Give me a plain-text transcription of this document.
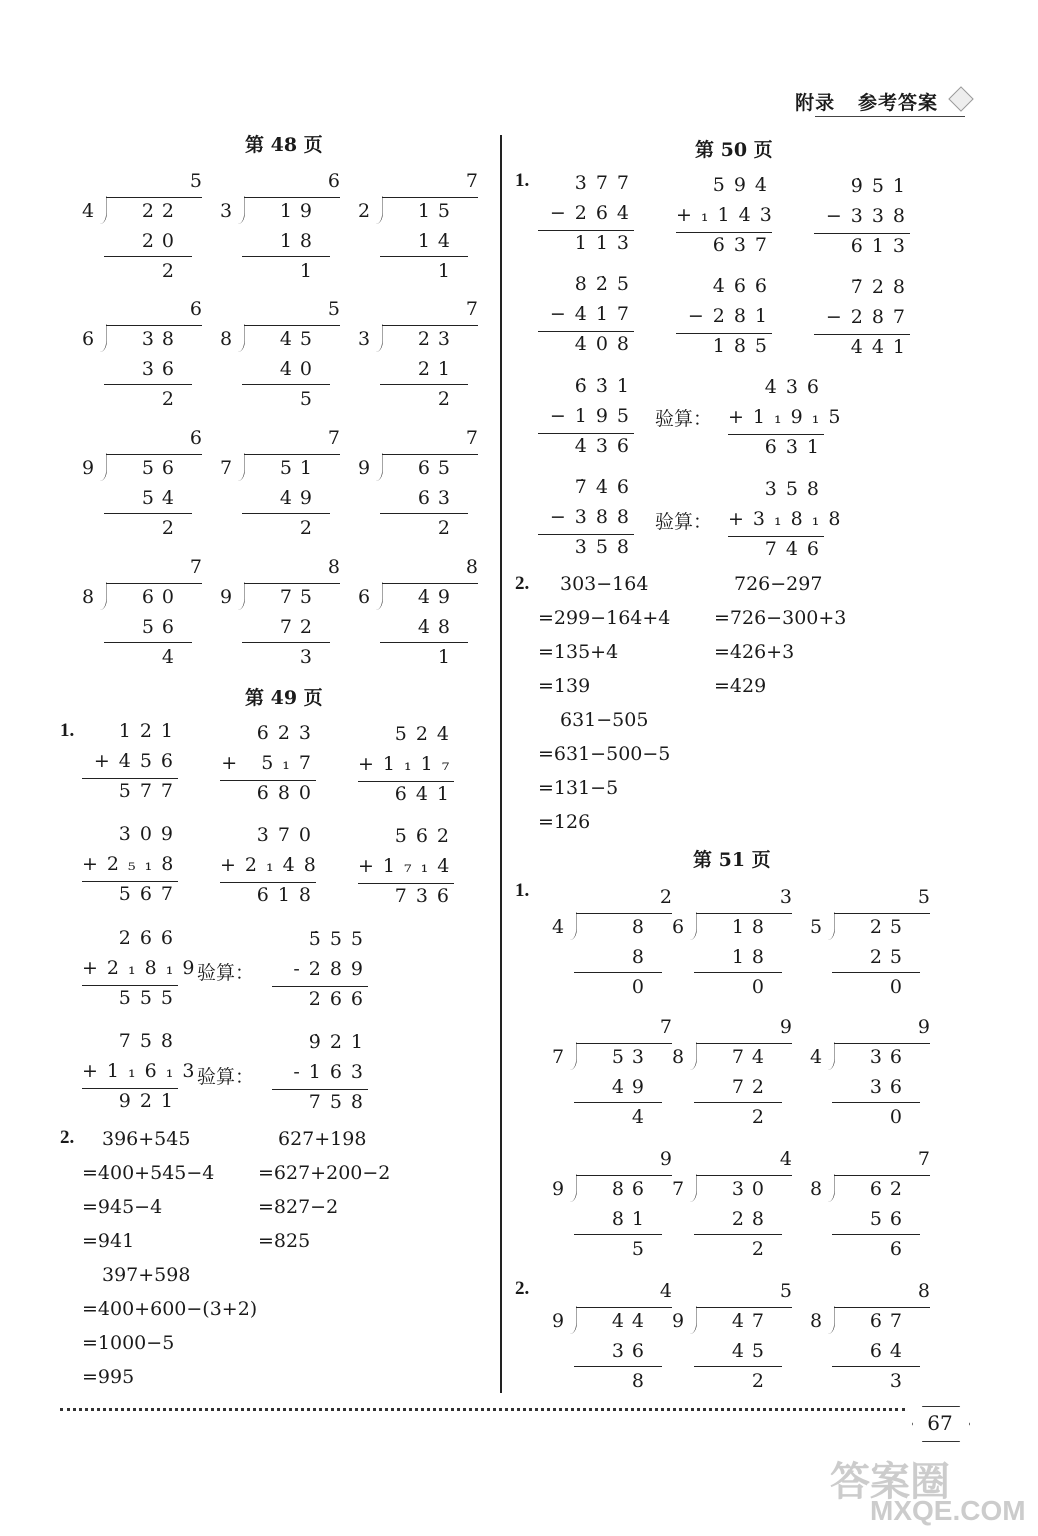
附录 参考答案
第 48 页
第 49 页
第 50 页
第 51 页
1.
2.
1.
2.
1.
2.
5
4	22
20
2
6
3	19
18
1
7
2	15
14
1
6
6	38
36
2
5
8	45
40
5
7
3	23
21
2
6
9	56
54
2
7
7	51
49
2
7
9	65
63
2
7
8	60
56
4
8
9	75
72
3
8
6	49
48
1
2
4	8
8
0
3
6	18
18
0
5
5	25
25
0
7
7	53
49
4
9
8	74
72
2
9
4	36
36
0
9
9	86
81
5
4
7	30
28
2
7
8	62
56
6
4
9	44
36
8
5
9	47
45
2
8
8	67
64
3
121
+456
577
623
+ 5₁7
680
524
+1₁1₇
641
309
+2₅₁8
567
370
+2₁48
618
562
+1₇₁4
736
266
+2₁8₁9
555
5̇55
-289
266
758
+1₁6₁3
921
9̇21
-163
758
377
−264
113
594
+₁143
637
9̇51
−338
613
82̇5
−417
408
4̇66
−281
185
7̇28
−287
441
6̇3̇1
−195
436
436
+1₁9₁5
631
7̇4̇6
−388
358
358
+3₁8₁8
746
验算：
验算：
验算：
验算：
396+545
=400+545−4
=945−4
=941
627+198
=627+200−2
=827−2
=825
397+598
=400+600−(3+2)
=1000−5
=995
303−164
=299−164+4
=135+4
=139
726−297
=726−300+3
=426+3
=429
631−505
=631−500−5
=131−5
=126
67
答案圈
MXQE.COM
